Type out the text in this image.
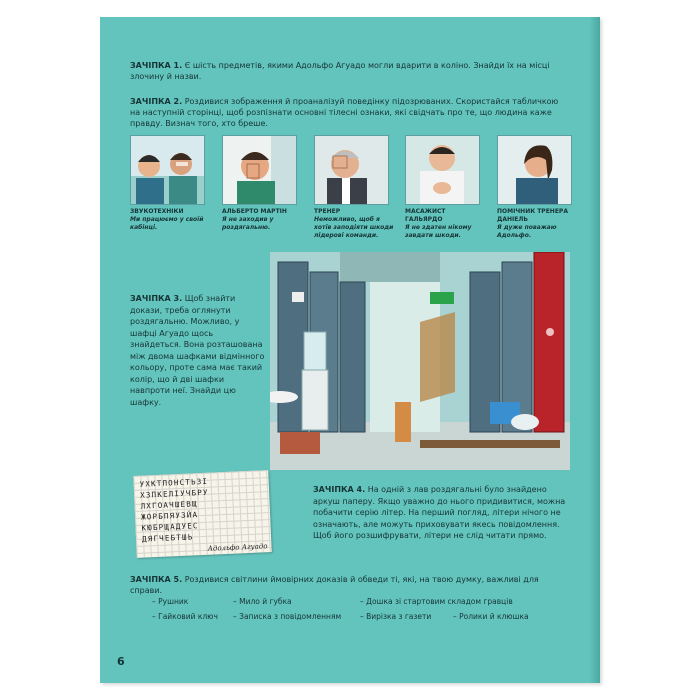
ЗАЧІПКА 1. Є шість предметів, якими Адольфо Агуадо могли вдарити в коліно. Знайди їх на місці злочину й назви.
ЗАЧІПКА 2. Роздивися зображення й проаналізуй поведінку підозрюваних. Скористайся табличкою на наступній сторінці, щоб розпізнати основні тілесні ознаки, які свідчать про те, що людина каже правду. Визнач того, хто бреше.
ЗВУКОТЕХНІКИ
Ми працюємо у своїй кабінці.
АЛЬБЕРТО МАРТІН
Я не заходив у роздягальню.
ТРЕНЕР
Неможливо, щоб я хотів заподіяти шкоди лідерові команди.
МАСАЖИСТ ГАЛЬЯРДО
Я не здатен нікому завдати шкоди.
ПОМІЧНИК ТРЕНЕРА ДАНІЕЛЬ
Я дуже поважаю Адольфо.
ЗАЧІПКА 3. Щоб знайти докази, треба оглянути роздягальню. Можливо, у шафці Агуадо щось знайдеться. Вона розташована між двома шафками відмінного кольору, проте сама має такий колір, що й дві шафки навпроти неї. Знайди цю шафку.
УХКТПОНСТЬЗІ
ХЗПКЕЛІУЧБРУ
ЛХГОАЧШЕВЩ
ЖОРБПЯУЗЙА
КЮБРЩАДУЕС
ДЯГЧЕБТШЬ
Адольфо Агуадо
ЗАЧІПКА 4. На одній з лав роздягальні було знайдено аркуш паперу. Якщо уважно до нього придивитися, можна побачити серію літер. На перший погляд, літери нічого не означають, але можуть приховувати якесь повідомлення. Щоб його розшифрувати, літери не слід читати прямо.
ЗАЧІПКА 5. Роздивися світлини ймовірних доказів й обведи ті, які, на твою думку, важливі для справи.
– Рушник	– Мило й губка	– Дошка зі стартовим складом гравців
– Гайковий ключ – Записка з повідомленням	– Вирізка з газети	– Ролики й клюшка
6
